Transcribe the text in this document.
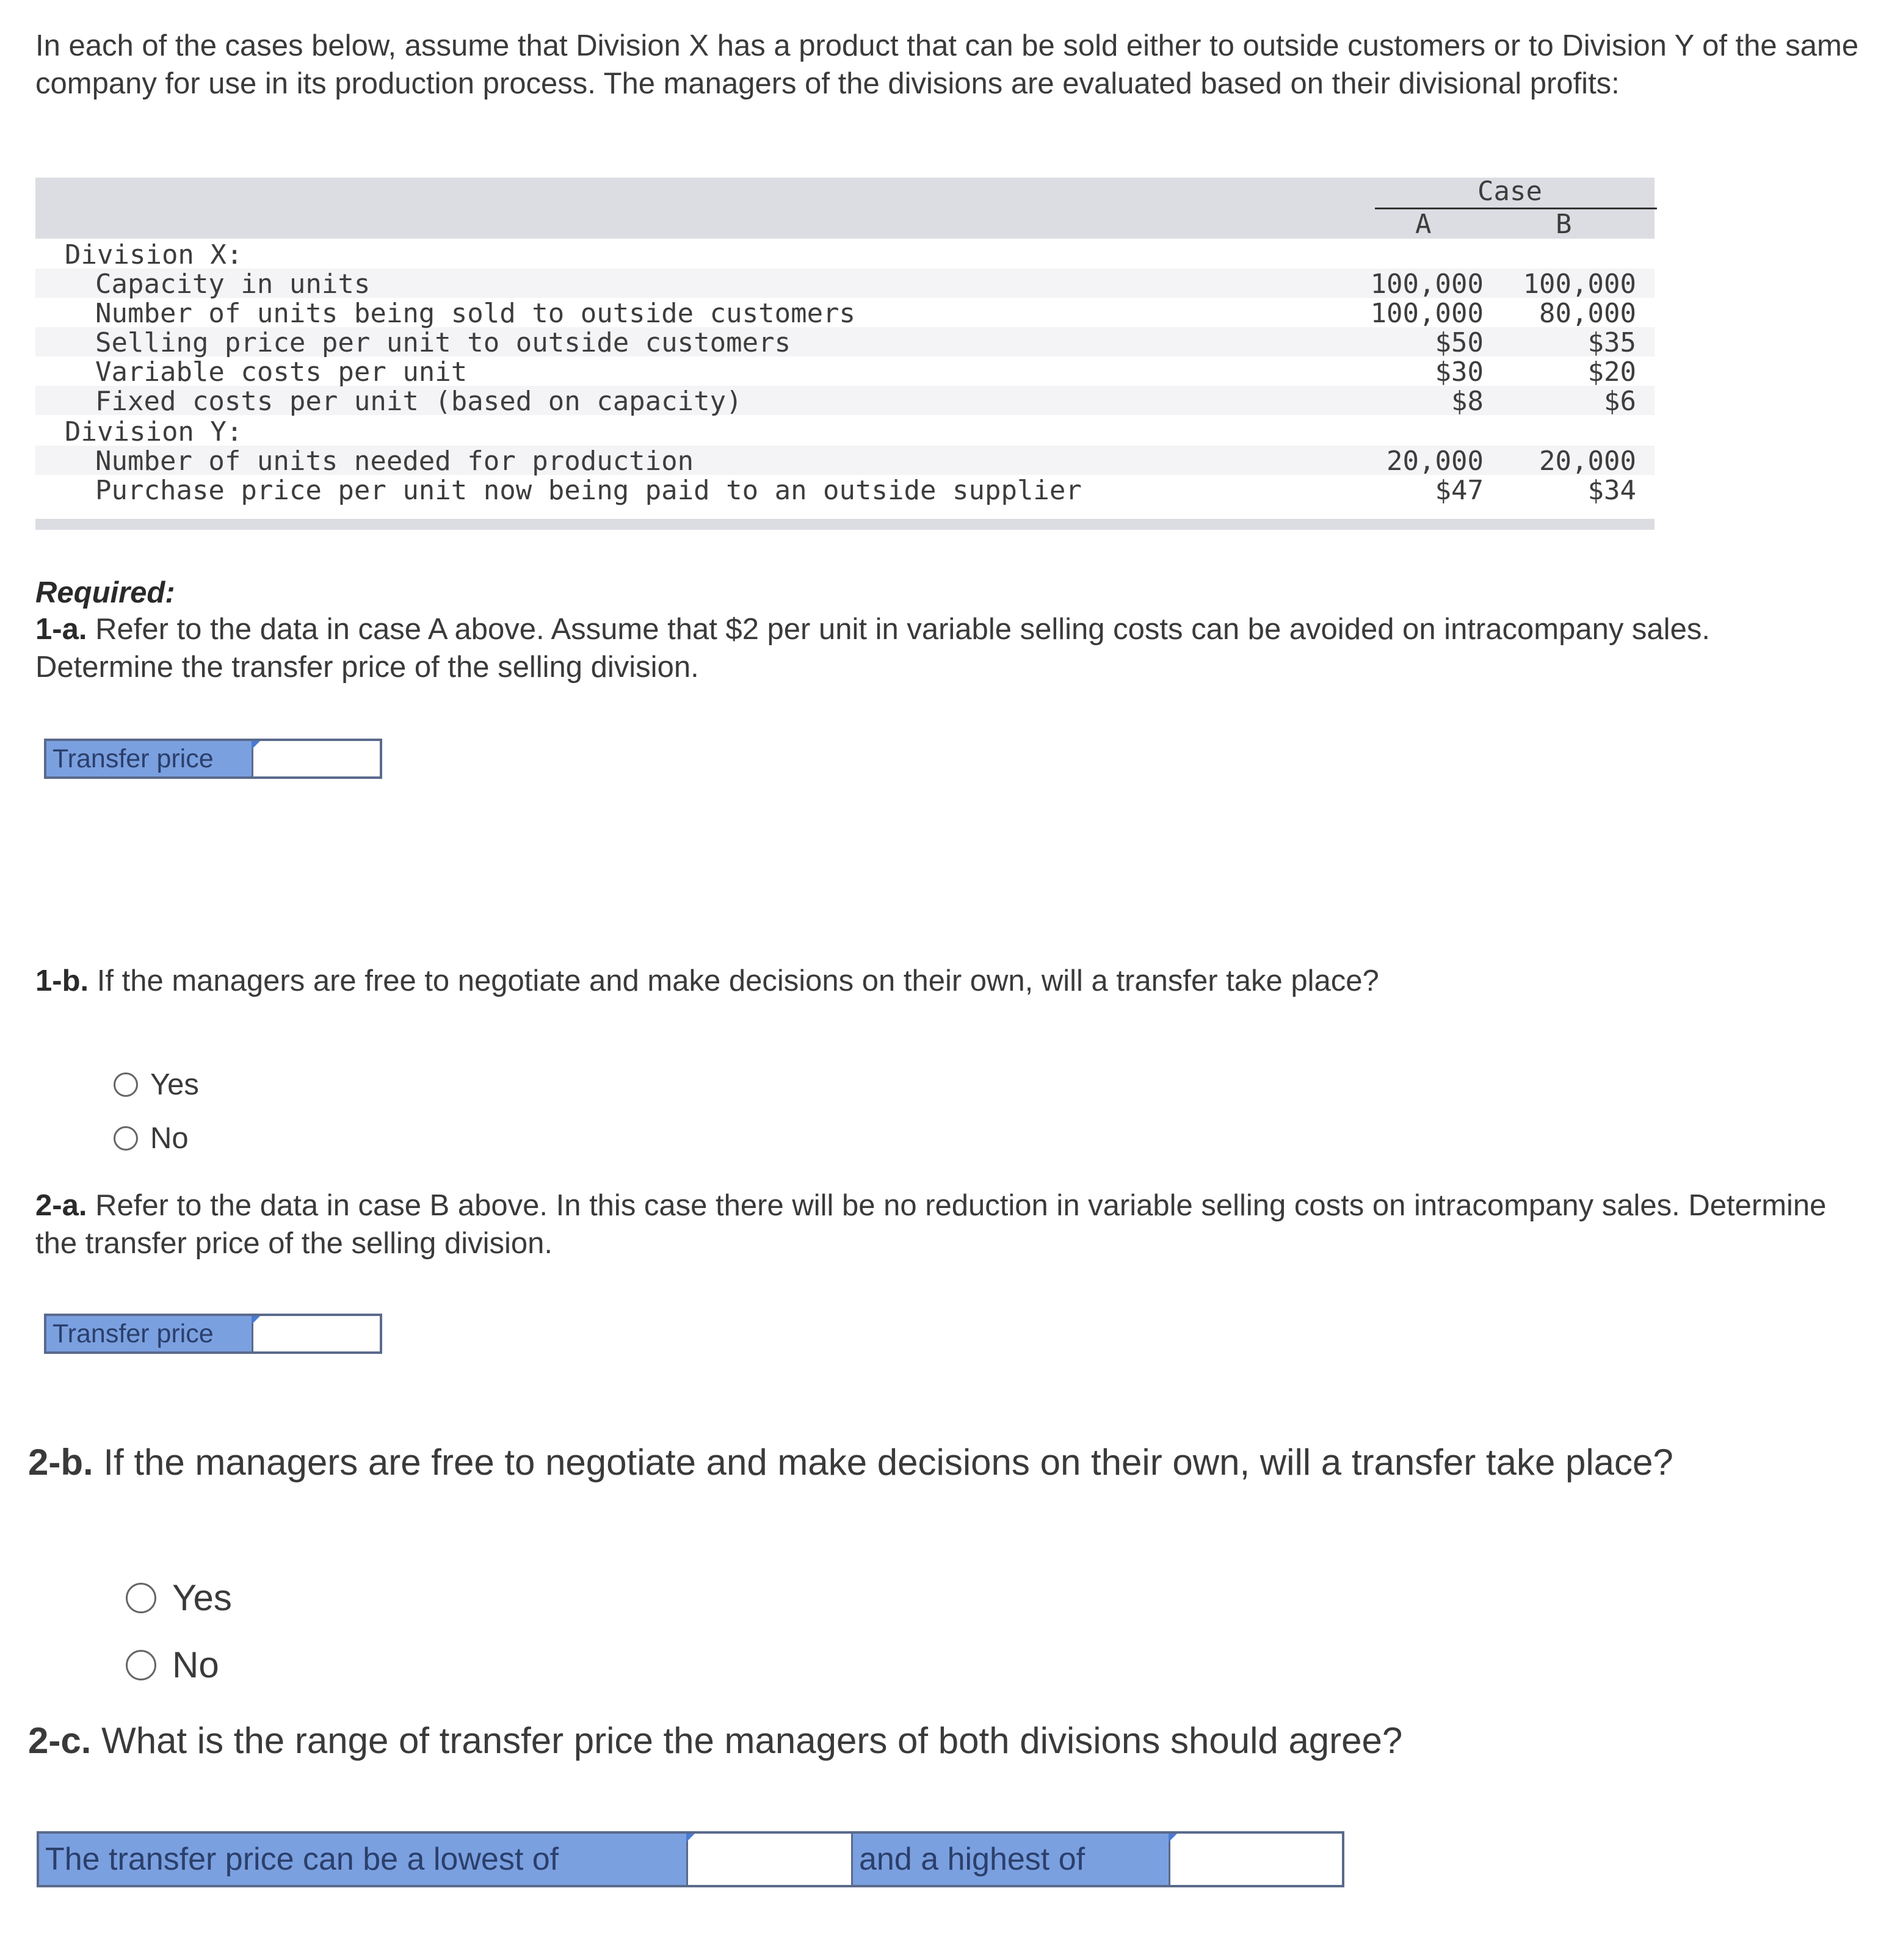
In each of the cases below, assume that Division X has a product that can be sold either to outside customers or to Division Y of the same company for use in its production process. The managers of the divisions are evaluated based on their divisional profits:
Case
A	B
Division X:
Capacity in units	100,000	100,000
Number of units being sold to outside customers	100,000	80,000
Selling price per unit to outside customers	$50	$35
Variable costs per unit	$30	$20
Fixed costs per unit (based on capacity)	$8	$6
Division Y:
Number of units needed for production	20,000	20,000
Purchase price per unit now being paid to an outside supplier	$47	$34
Required:
1-a. Refer to the data in case A above. Assume that $2 per unit in variable selling costs can be avoided on intracompany sales. Determine the transfer price of the selling division.
Transfer price
1-b. If the managers are free to negotiate and make decisions on their own, will a transfer take place?
Yes
No
2-a. Refer to the data in case B above. In this case there will be no reduction in variable selling costs on intracompany sales. Determine the transfer price of the selling division.
Transfer price
2-b. If the managers are free to negotiate and make decisions on their own, will a transfer take place?
Yes
No
2-c. What is the range of transfer price the managers of both divisions should agree?
The transfer price can be a lowest of	and a highest of
